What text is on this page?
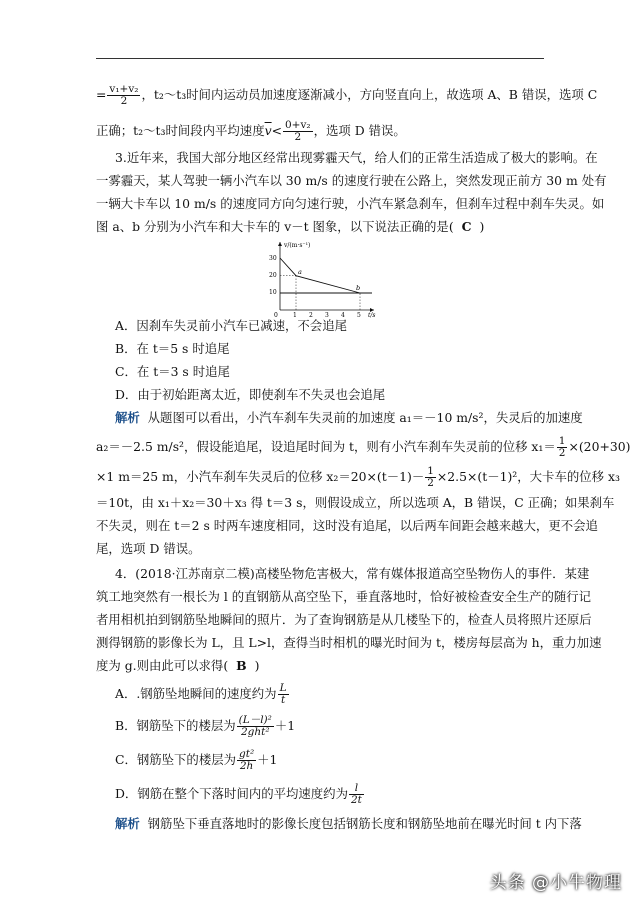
= $\frac{\text{v₁+v₂}}{2}$ ，t₂～t₃时间内运动员加速度逐渐减小，方向竖直向上，故选项 A、B 错误，选项 C
正确；t₂～t₃时间段内平均速度$\overline{v}< \frac{\text{0+v₂}}{2}$ ，选项 D 错误。
3.近年来，我国大部分地区经常出现雾霾天气，给人们的正常生活造成了极大的影响。在
一雾霾天，某人驾驶一辆小汽车以 30 m/s 的速度行驶在公路上，突然发现正前方 30 m 处有
一辆大卡车以 10 m/s 的速度同方向匀速行驶，小汽车紧急刹车，但刹车过程中刹车失灵。如
图 a、b 分别为小汽车和大卡车的 v－t 图象，以下说法正确的是( C )
v/(m·s⁻¹)
t/s
0
30
20
10
1 2 3 4 5
a
b
A．因刹车失灵前小汽车已减速，不会追尾
B．在 t＝5 s 时追尾
C．在 t＝3 s 时追尾
D．由于初始距离太近，即使刹车不失灵也会追尾
解析 从题图可以看出，小汽车刹车失灵前的加速度 a₁＝－10 m/s²，失灵后的加速度
a₂＝－2.5 m/s²，假设能追尾，设追尾时间为 t，则有小汽车刹车失灵前的位移 $x_1= \frac{1}{2} \times(20+30)$
×1 m＝25 m，小汽车刹车失灵后的位移 $x_2=20\times(t-1)- \frac{1}{2} \times 2.5\times(t-1)^2$，大卡车的位移 x₃
＝10t，由 x₁＋x₂＝30＋x₃ 得 t＝3 s，则假设成立，所以选项 A，B 错误，C 正确；如果刹车
不失灵，则在 t＝2 s 时两车速度相同，这时没有追尾，以后两车间距会越来越大，更不会追
尾，选项 D 错误。
4．(2018·江苏南京二模)高楼坠物危害极大，常有媒体报道高空坠物伤人的事件．某建
筑工地突然有一根长为 l 的直钢筋从高空坠下，垂直落地时，恰好被检查安全生产的随行记
者用相机拍到钢筋坠地瞬间的照片．为了查询钢筋是从几楼坠下的，检查人员将照片还原后
测得钢筋的影像长为 L，且 L>l，查得当时相机的曝光时间为 t，楼房每层高为 h，重力加速
度为 g.则由此可以求得( B )
A．.钢筋坠地瞬间的速度约为 $\frac{L}{t}$
B．钢筋坠下的楼层为 $\frac{\text{(L－l)²}}{\text{2ght²}} +1$
C．钢筋坠下的楼层为 $\frac{\text{gt²}}{2h} +1$
D．钢筋在整个下落时间内的平均速度约为 $\frac{l}{2t}$
解析 钢筋坠下垂直落地时的影像长度包括钢筋长度和钢筋坠地前在曝光时间 t 内下落
头条 @小牛物理
